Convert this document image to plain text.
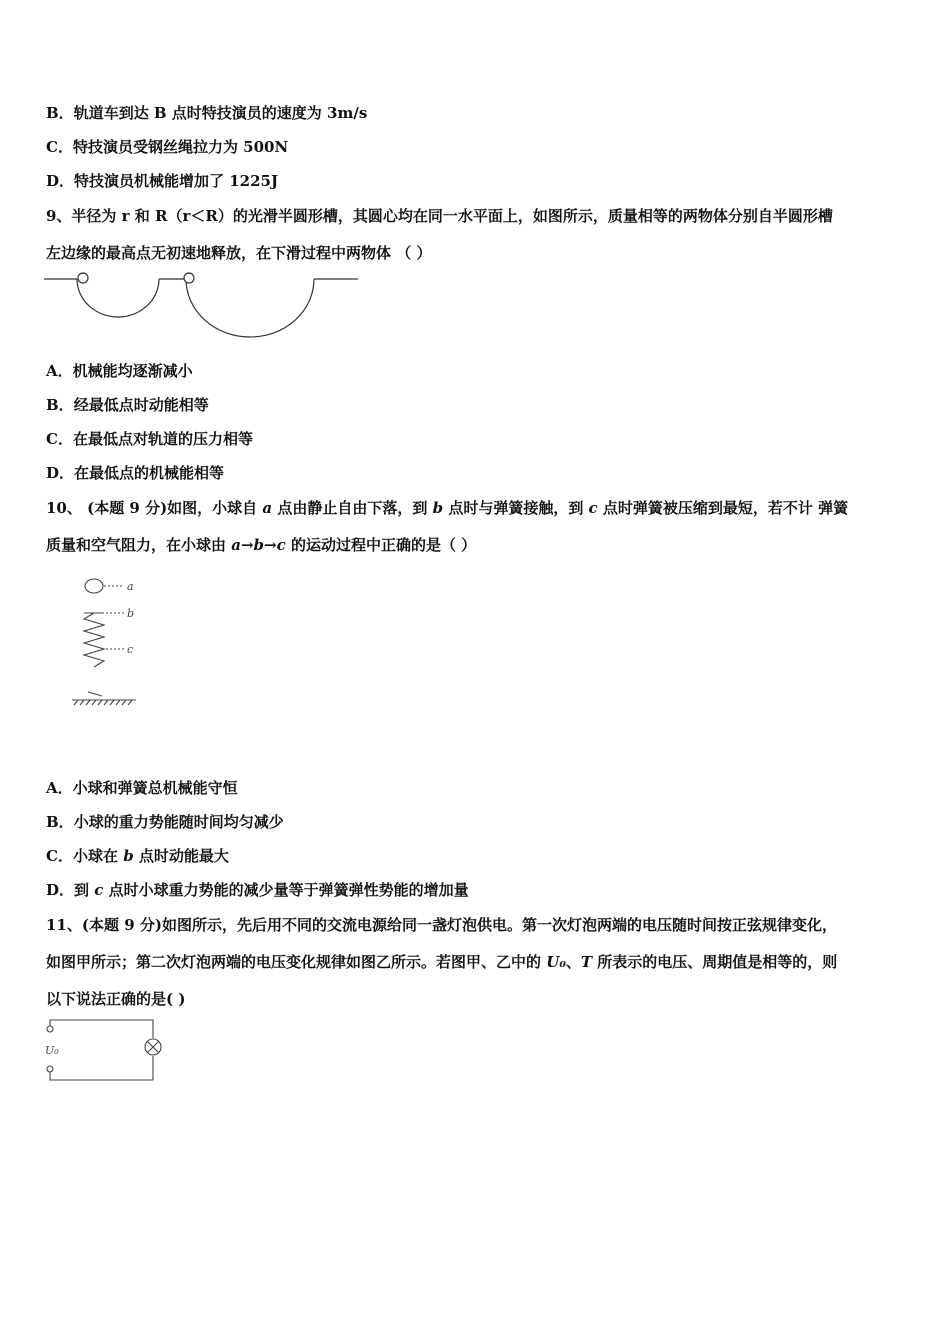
B．轨道车到达 B 点时特技演员的速度为 3m/s
C．特技演员受钢丝绳拉力为 500N
D．特技演员机械能增加了 1225J
9、半径为 r 和 R（r＜R）的光滑半圆形槽，其圆心均在同一水平面上，如图所示，质量相等的两物体分别自半圆形槽
左边缘的最高点无初速地释放，在下滑过程中两物体 （ ）
A．机械能均逐渐减小
B．经最低点时动能相等
C．在最低点对轨道的压力相等
D．在最低点的机械能相等
10、 (本题 9 分)如图，小球自 a 点由静止自由下落，到 b 点时与弹簧接触，到 c 点时弹簧被压缩到最短，若不计 弹簧
质量和空气阻力，在小球由 a→b→c 的运动过程中正确的是（ ）
a
b
c
A．小球和弹簧总机械能守恒
B．小球的重力势能随时间均匀减少
C．小球在 b 点时动能最大
D．到 c 点时小球重力势能的减少量等于弹簧弹性势能的增加量
11、(本题 9 分)如图所示，先后用不同的交流电源给同一盏灯泡供电。第一次灯泡两端的电压随时间按正弦规律变化，
如图甲所示；第二次灯泡两端的电压变化规律如图乙所示。若图甲、乙中的 U₀、T 所表示的电压、周期值是相等的，则
以下说法正确的是( )
U₀
